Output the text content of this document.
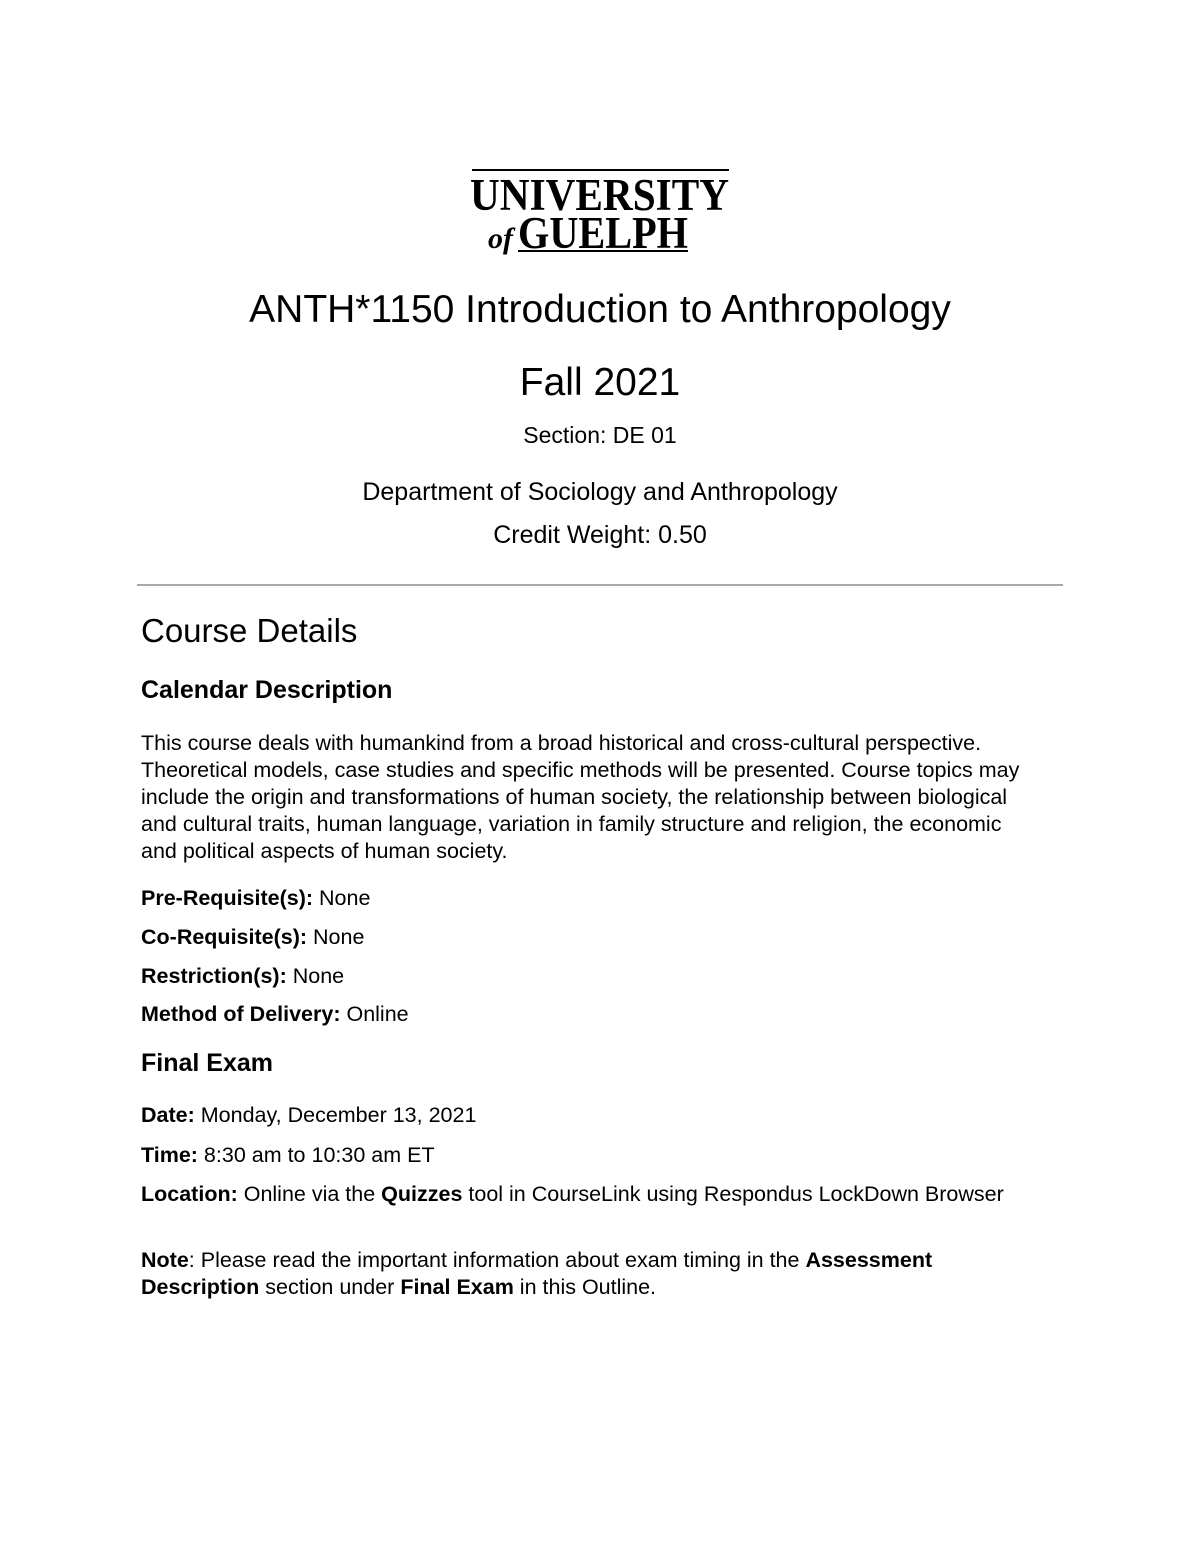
UNIVERSITY
of GUELPH
ANTH*1150 Introduction to Anthropology
Fall 2021
Section: DE 01
Department of Sociology and Anthropology
Credit Weight: 0.50
Course Details
Calendar Description

This course deals with humankind from a broad historical and cross-cultural perspective. Theoretical models, case studies and specific methods will be presented. Course topics may include the origin and transformations of human society, the relationship between biological and cultural traits, human language, variation in family structure and religion, the economic and political aspects of human society.

Pre-Requisite(s): None

Co-Requisite(s): None

Restriction(s): None

Method of Delivery: Online

Final Exam

Date: Monday, December 13, 2021

Time: 8:30 am to 10:30 am ET

Location: Online via the Quizzes tool in CourseLink using Respondus LockDown Browser

Note: Please read the important information about exam timing in the Assessment Description section under Final Exam in this Outline.
